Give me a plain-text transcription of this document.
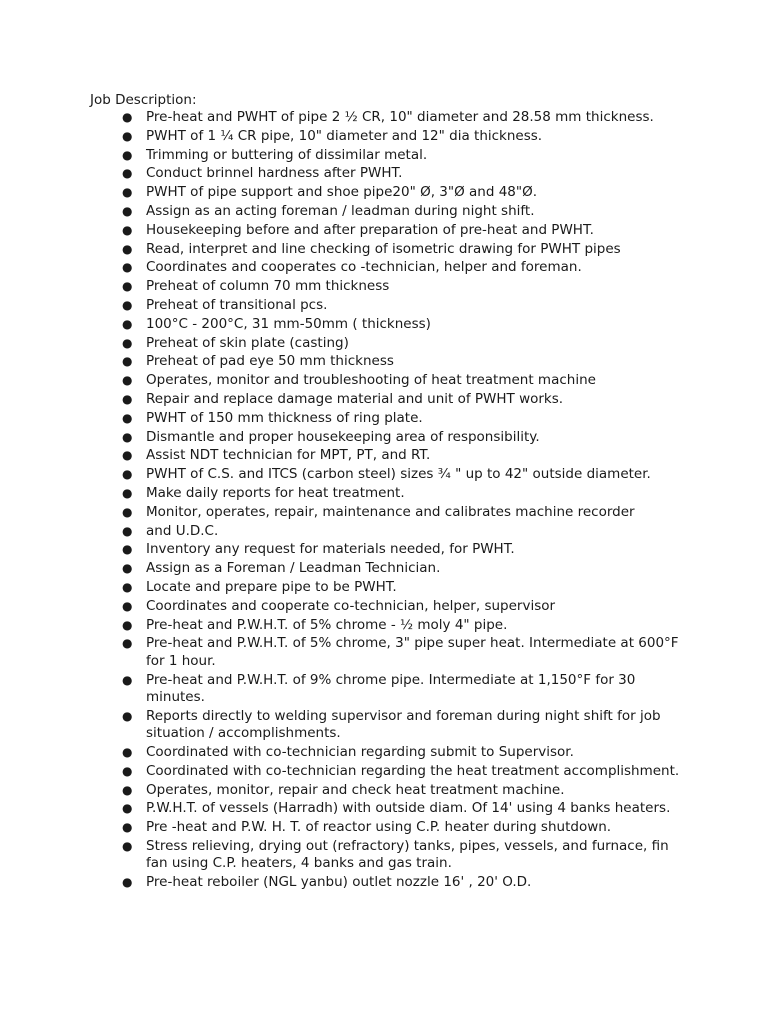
Job Description:
● Pre-heat and PWHT of pipe 2 ½ CR, 10" diameter and 28.58 mm thickness.
● PWHT of 1 ¼ CR pipe, 10" diameter and 12" dia thickness.
● Trimming or buttering of dissimilar metal.
● Conduct brinnel hardness after PWHT.
● PWHT of pipe support and shoe pipe20" Ø, 3"Ø and 48"Ø.
● Assign as an acting foreman / leadman during night shift.
● Housekeeping before and after preparation of pre-heat and PWHT.
● Read, interpret and line checking of isometric drawing for PWHT pipes
● Coordinates and cooperates co -technician, helper and foreman.
● Preheat of column 70 mm thickness
● Preheat of transitional pcs.
● 100°C - 200°C, 31 mm-50mm ( thickness)
● Preheat of skin plate (casting)
● Preheat of pad eye 50 mm thickness
● Operates, monitor and troubleshooting of heat treatment machine
● Repair and replace damage material and unit of PWHT works.
● PWHT of 150 mm thickness of ring plate.
● Dismantle and proper housekeeping area of responsibility.
● Assist NDT technician for MPT, PT, and RT.
● PWHT of C.S. and ITCS (carbon steel) sizes ¾ " up to 42" outside diameter.
● Make daily reports for heat treatment.
● Monitor, operates, repair, maintenance and calibrates machine recorder
● and U.D.C.
● Inventory any request for materials needed, for PWHT.
● Assign as a Foreman / Leadman Technician.
● Locate and prepare pipe to be PWHT.
● Coordinates and cooperate co-technician, helper, supervisor
● Pre-heat and P.W.H.T. of 5% chrome - ½ moly 4" pipe.
● Pre-heat and P.W.H.T. of 5% chrome, 3" pipe super heat. Intermediate at 600°F for 1 hour.
● Pre-heat and P.W.H.T. of 9% chrome pipe. Intermediate at 1,150°F for 30 minutes.
● Reports directly to welding supervisor and foreman during night shift for job situation / accomplishments.
● Coordinated with co-technician regarding submit to Supervisor.
● Coordinated with co-technician regarding the heat treatment accomplishment.
● Operates, monitor, repair and check heat treatment machine.
● P.W.H.T. of vessels (Harradh) with outside diam. Of 14' using 4 banks heaters.
● Pre -heat and P.W. H. T. of reactor using C.P. heater during shutdown.
● Stress relieving, drying out (refractory) tanks, pipes, vessels, and furnace, fin fan using C.P. heaters, 4 banks and gas train.
● Pre-heat reboiler (NGL yanbu) outlet nozzle 16' , 20' O.D.
